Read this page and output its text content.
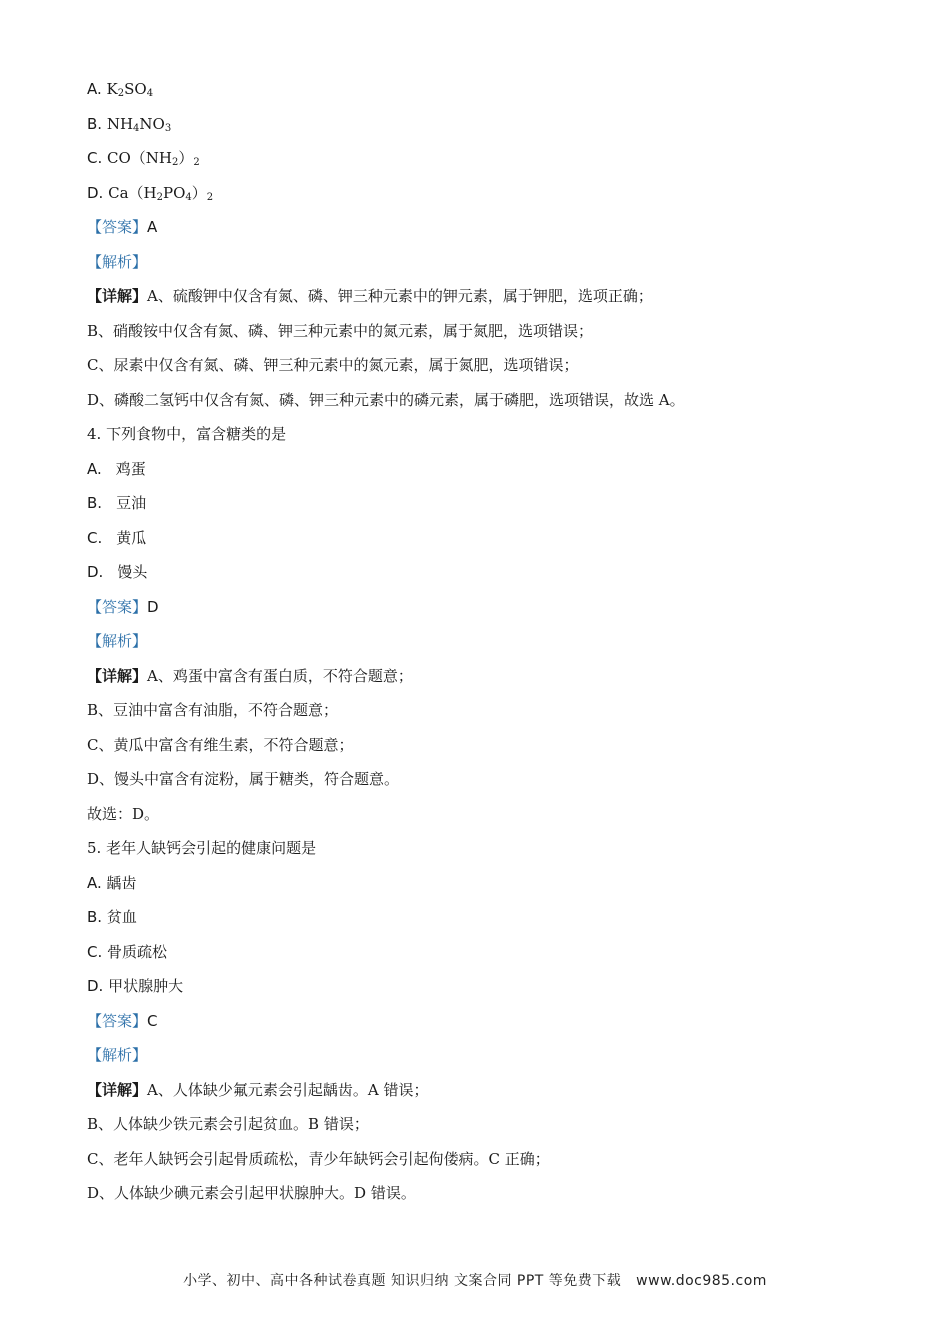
A. $K_2SO_4$
B. $NH_4NO_3$
C. $CO(NH_2)_2$
D. $Ca(H_2PO_4)_2$
【答案】A
【解析】
【详解】A、硫酸钾中仅含有氮、磷、钾三种元素中的钾元素，属于钾肥，选项正确；
B、硝酸铵中仅含有氮、磷、钾三种元素中的氮元素，属于氮肥，选项错误；
C、尿素中仅含有氮、磷、钾三种元素中的氮元素，属于氮肥，选项错误；
D、磷酸二氢钙中仅含有氮、磷、钾三种元素中的磷元素，属于磷肥，选项错误，故选 A。
4. 下列食物中，富含糖类的是
A. 鸡蛋
B. 豆油
C. 黄瓜
D. 馒头
【答案】D
【解析】
【详解】A、鸡蛋中富含有蛋白质，不符合题意；
B、豆油中富含有油脂，不符合题意；
C、黄瓜中富含有维生素，不符合题意；
D、馒头中富含有淀粉，属于糖类，符合题意。
故选：D。
5. 老年人缺钙会引起的健康问题是
A. 龋齿
B. 贫血
C. 骨质疏松
D. 甲状腺肿大
【答案】C
【解析】
【详解】A、人体缺少氟元素会引起龋齿。A 错误；
B、人体缺少铁元素会引起贫血。B 错误；
C、老年人缺钙会引起骨质疏松，青少年缺钙会引起佝偻病。C 正确；
D、人体缺少碘元素会引起甲状腺肿大。D 错误。
小学、初中、高中各种试卷真题 知识归纳 文案合同 PPT 等免费下载 www.doc985.com
